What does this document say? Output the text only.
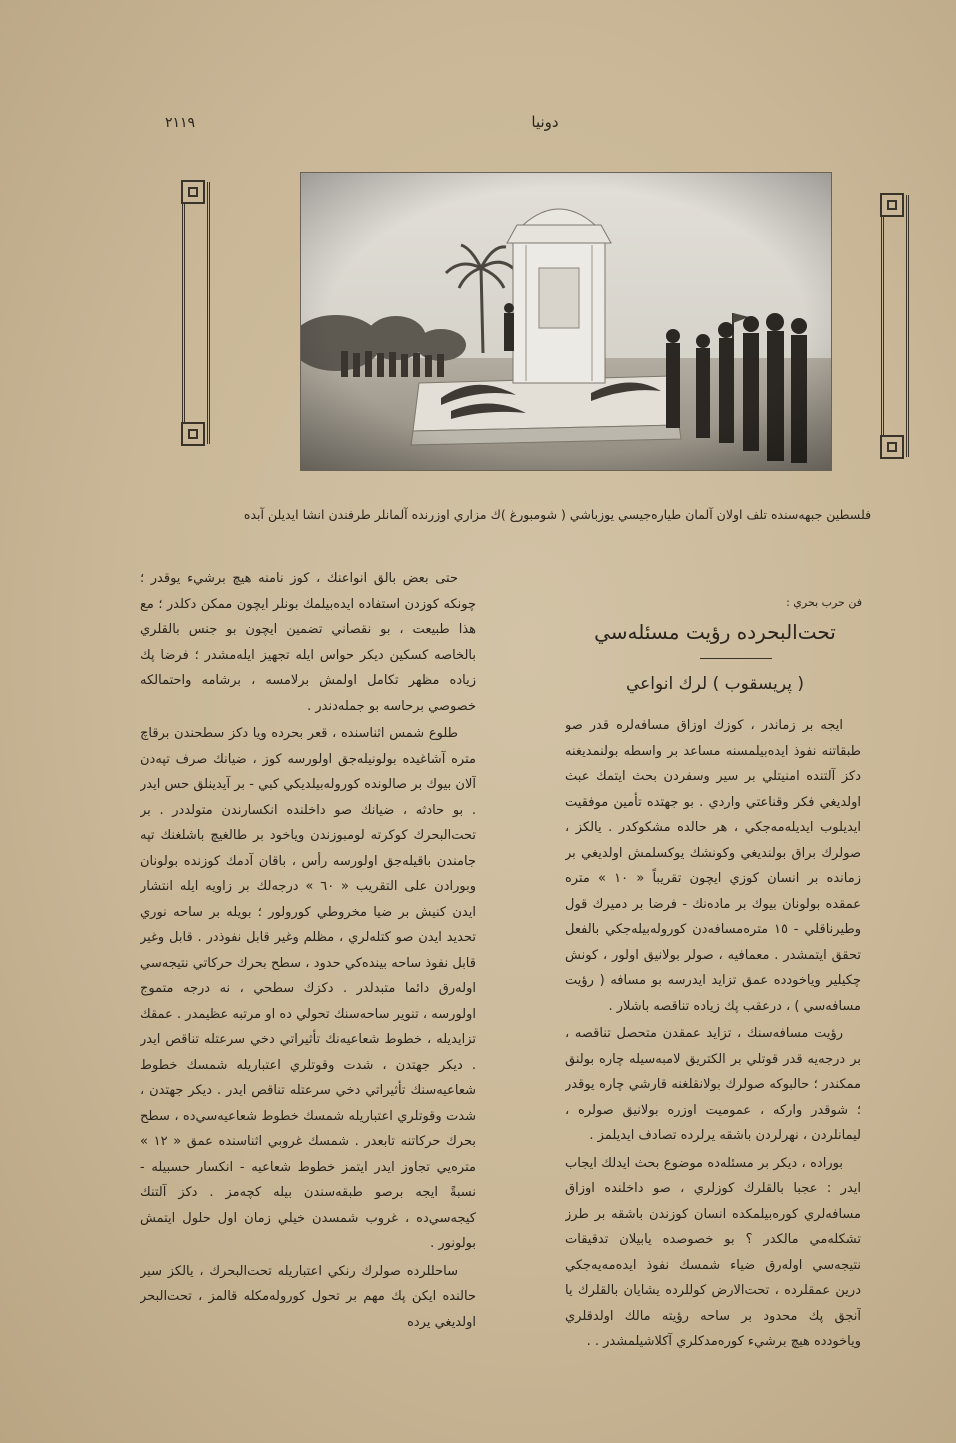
٢١١٩	دونيا
فلسطين جبهه‌سنده تلف اولان آلمان طياره‌جيسي يوزباشي ( شومبورغ )ك مزاري اوزرنده آلمانلر طرفندن انشا ايديلن آبده
فن حرب بحري :
تحت‌البحرده رؤيت مسئله‌سي
( پريسقوب ) لرك انواعي

ايجه بر زماندر ، كوزك اوزاق مسافه‌لره قدر صو طبقاتنه نفوذ ايده‌بيلمسنه مساعد بر واسطه بولنمديغنه دكز آلتنده امنيتلي بر سير وسفردن بحث ايتمك عبث اولديغي فكر وقناعتي واردي . بو جهتده تأمين موفقيت ايديلوب ايديله‌مه‌جكي ، هر حالده مشكوكدر . يالكز ، صولرك براق بولنديغي وكونشك يوكسلمش اولديغي بر زمانده بر انسان كوزي ايچون تقريباً « ١٠ » متره عمقده بولونان بيوك بر ماده‌نك - فرضا بر دميرك قول وطيرناقلي - ١٥ متره‌مسافه‌دن كوروله‌بيله‌جكي بالفعل تحقق ايتمشدر . معمافيه ، صولر بولانيق اولور ، كونش چكيلير وياخودده عمق تزايد ايدرسه بو مسافه ( رؤيت مسافه‌سي ) ، درعقب پك زياده تناقصه باشلار .

رؤيت مسافه‌سنك ، تزايد عمقدن متحصل تناقصه ، بر درجه‌يه قدر قوتلي بر الكتريق لامبه‌سيله چاره بولنق ممكندر ؛ حالبوكه صولرك بولانقلغنه قارشي چاره يوقدر ؛ شوقدر واركه ، عموميت اوزره بولانيق صولره ، ليمانلردن ، نهرلردن باشقه يرلرده تصادف ايديلمز .

بوراده ، ديكر بر مسئله‌ده موضوع بحث ايدلك ايجاب ايدر : عجبا بالقلرك كوزلري ، صو داخلنده اوزاق مسافه‌لري كوره‌بيلمكده انسان كوزندن باشقه بر طرز تشكله‌مي مالكدر ؟ بو خصوصده يابيلان تدقيقات نتيجه‌سي اوله‌رق ضياء شمسك نفوذ ايده‌مه‌يه‌جكي درين عمقلرده ، تحت‌الارض كوللرده يشايان بالقلرك يا آنجق پك محدود بر ساحه‌ رؤيته مالك اولدقلري وياخودده هيچ برشيء كوره‌مدكلري آكلاشيلمشدر . .

حتى بعض بالق انواعنك ، كوز نامنه هيچ برشيء يوقدر ؛ چونكه كوزدن استفاده ايده‌بيلمك بونلر ايچون ممكن دكلدر ؛ مع هذا طبيعت ، بو نقصاني تضمين ايچون بو جنس بالقلري بالخاصه كسكين ديكر حواس ايله تجهيز ايله‌مشدر ؛ فرضا پك زياده مظهر تكامل اولمش برلامسه ، برشامه واحتمالكه خصوصي برحاسه بو جمله‌دندر .

طلوع شمس اثناسنده ، قعر بحرده ويا دكز سطحندن برقاچ متره آشاغيده بولونيله‌جق اولورسه كوز ، ضيانك صرف تپه‌دن آلان بيوك بر صالونده كوروله‌بيلديكي كبي - بر آيدينلق حس ايدر . بو حادثه ، ضيانك صو داخلنده انكسارندن متولددر . بر تحت‌البحرك كوكرته لومبوزندن وياخود بر طالغيچ باشلغنك تپه جامندن باقيله‌جق اولورسه رأس ، باقان آدمك كوزنده بولونان وبورادن على التقريب « ٦٠ » درجه‌لك بر زاويه ايله انتشار ايدن كنيش بر ضيا مخروطي كورولور ؛ بويله بر ساحه نوري تحديد ايدن صو كتله‌لري ، مظلم وغير قابل نفوذدر . قابل وغير قابل نفوذ ساحه بينده‌كي حدود ، سطح بحرك حركاتي نتيجه‌سي اوله‌رق دائما متبدلدر . دكزك سطحي ، نه درجه متموج اولورسه ، تنوير ساحه‌سنك تحولي ده او مرتبه عظيمدر . عمقك تزايديله ، خطوط شعاعيه‌نك تأثيراتي دخي سرعتله تناقص ايدر . ديكر جهتدن ، شدت وقوتلري اعتباريله شمسك خطوط شعاعيه‌سنك تأثيراتي دخي سرعتله تناقص ايدر . ديكر جهتدن ، شدت وقوتلري اعتباريله شمسك خطوط شعاعيه‌سي‌ده ، سطح بحرك حركاتنه تابعدر . شمسك غروبي اثناسنده عمق « ١٢ » متره‌يي تجاوز ايدر ايتمز خطوط شعاعيه - انكسار حسبيله - نسبةً ايجه برصو طبقه‌سندن بيله كچه‌مز . دكز آلتنك كيجه‌سي‌ده ، غروب شمسدن خيلي زمان اول حلول ايتمش بولونور .

ساحللرده صولرك رنكي اعتباريله تحت‌البحرك ، يالكز سير حالنده ايكن پك مهم بر تحول كوروله‌مكله قالمز ، تحت‌البحر اولديغي يرده
